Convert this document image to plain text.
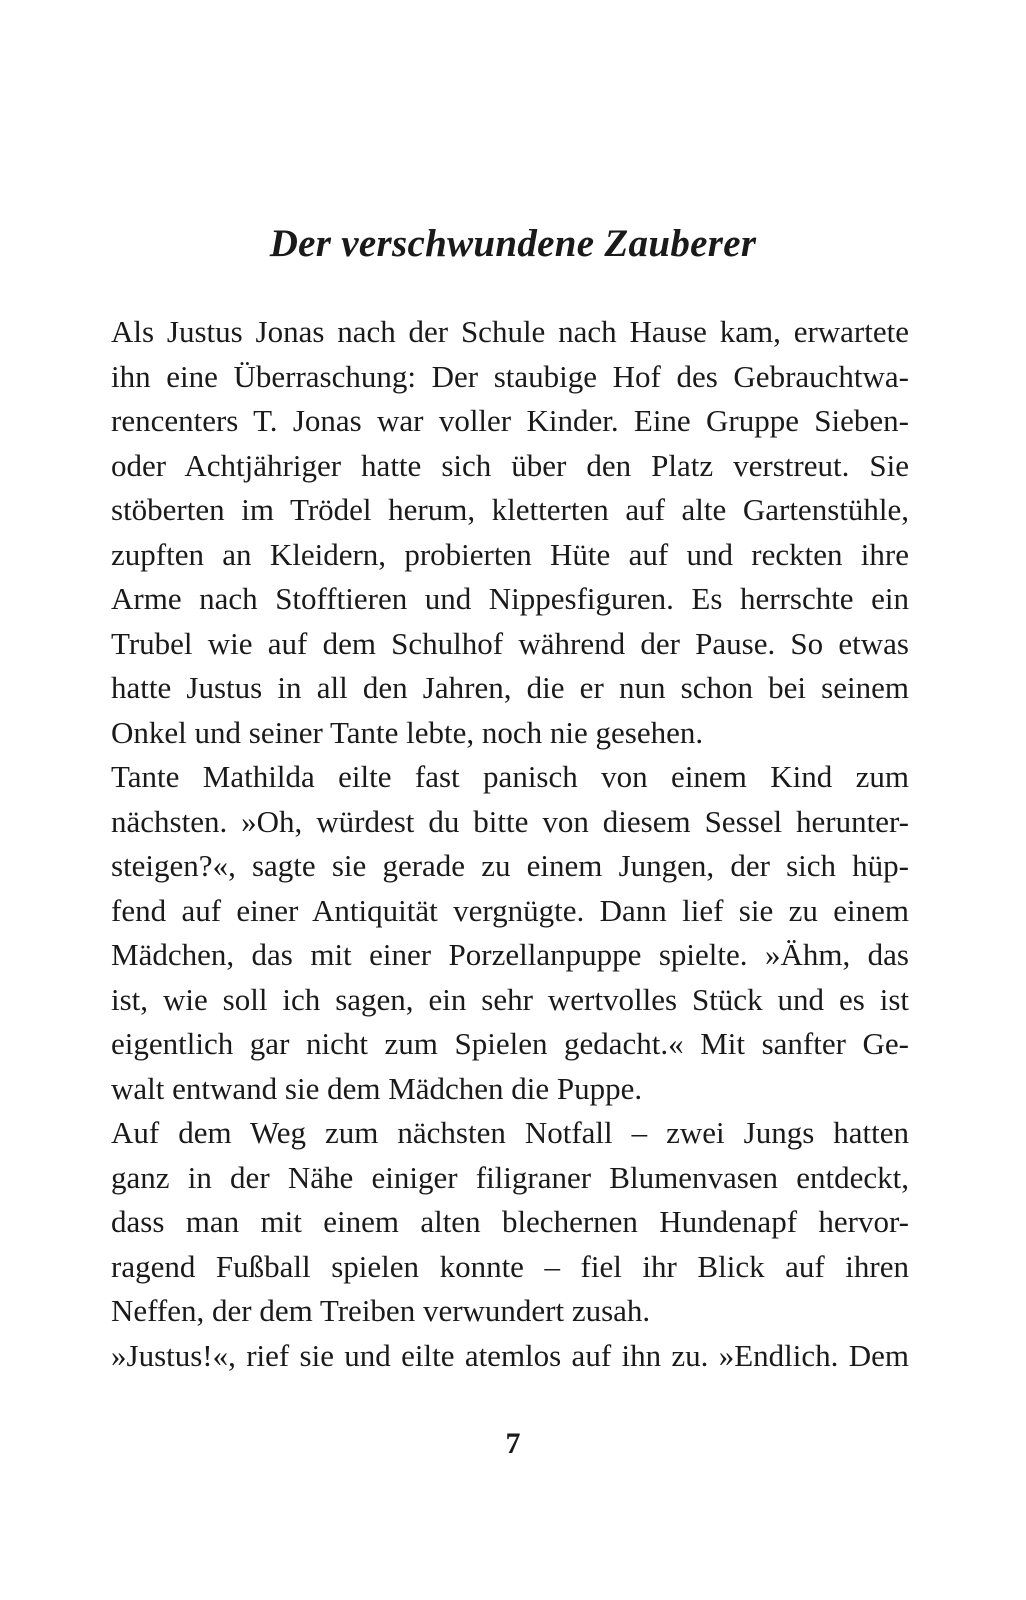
Der verschwundene Zauberer
Als Justus Jonas nach der Schule nach Hause kam, erwartete
ihn eine Überraschung: Der staubige Hof des Gebrauchtwa-
rencenters T. Jonas war voller Kinder. Eine Gruppe Sieben-
oder Achtjähriger hatte sich über den Platz verstreut. Sie
stöberten im Trödel herum, kletterten auf alte Gartenstühle,
zupften an Kleidern, probierten Hüte auf und reckten ihre
Arme nach Stofftieren und Nippesfiguren. Es herrschte ein
Trubel wie auf dem Schulhof während der Pause. So etwas
hatte Justus in all den Jahren, die er nun schon bei seinem
Onkel und seiner Tante lebte, noch nie gesehen.
Tante Mathilda eilte fast panisch von einem Kind zum
nächsten. »Oh, würdest du bitte von diesem Sessel herunter-
steigen?«, sagte sie gerade zu einem Jungen, der sich hüp-
fend auf einer Antiquität vergnügte. Dann lief sie zu einem
Mädchen, das mit einer Porzellanpuppe spielte. »Ähm, das
ist, wie soll ich sagen, ein sehr wertvolles Stück und es ist
eigentlich gar nicht zum Spielen gedacht.« Mit sanfter Ge-
walt entwand sie dem Mädchen die Puppe.
Auf dem Weg zum nächsten Notfall – zwei Jungs hatten
ganz in der Nähe einiger filigraner Blumenvasen entdeckt,
dass man mit einem alten blechernen Hundenapf hervor-
ragend Fußball spielen konnte – fiel ihr Blick auf ihren
Neffen, der dem Treiben verwundert zusah.
»Justus!«, rief sie und eilte atemlos auf ihn zu. »Endlich. Dem
7
